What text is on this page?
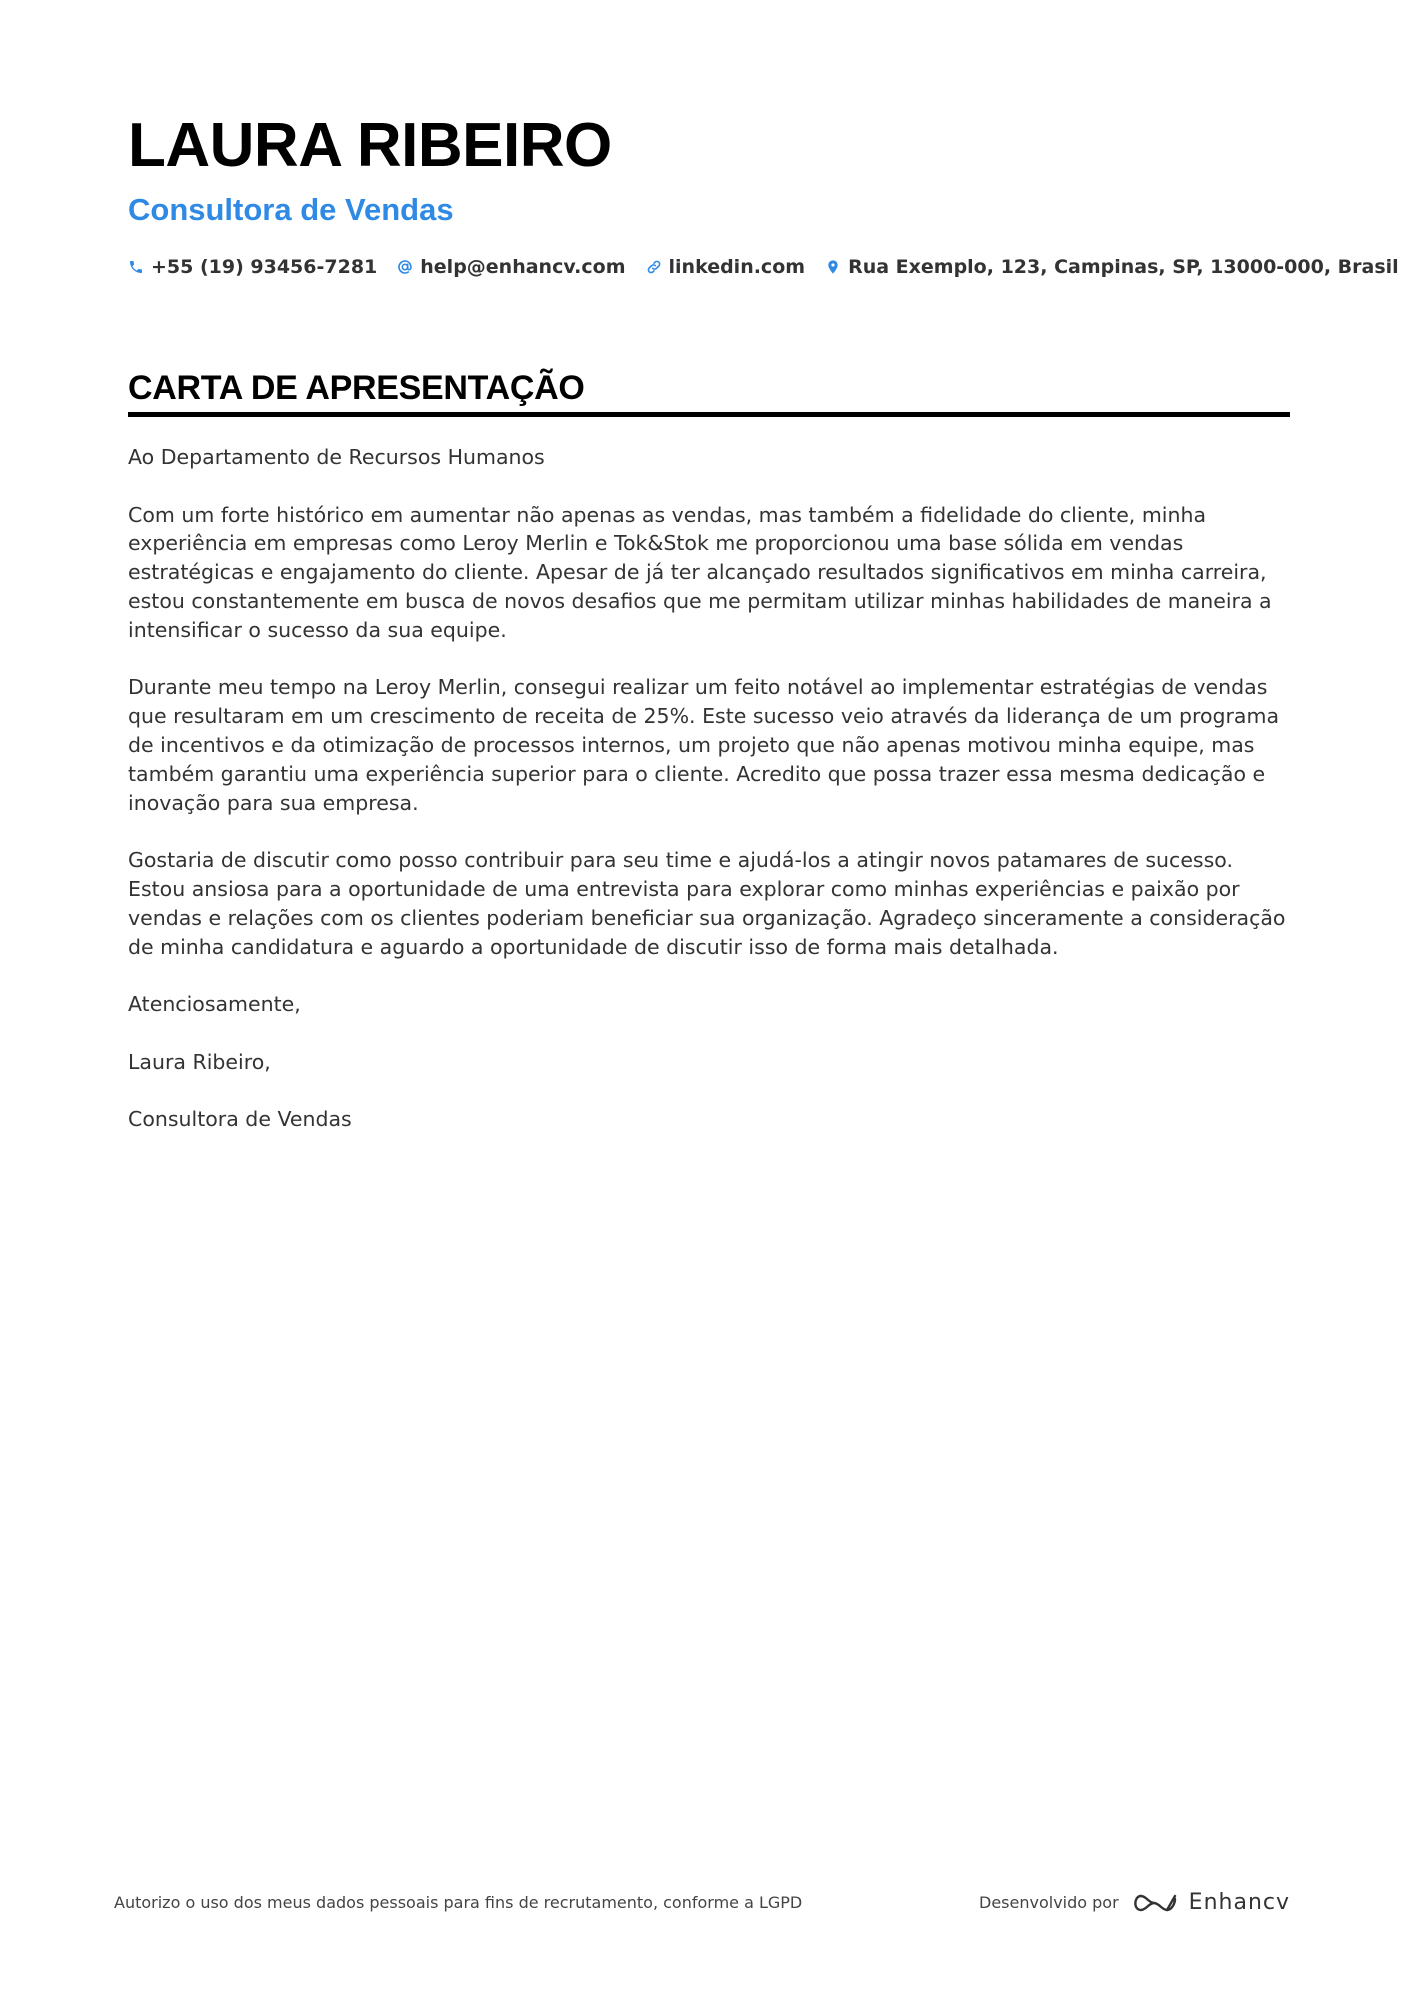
LAURA RIBEIRO
Consultora de Vendas
+55 (19) 93456-7281 help@enhancv.com linkedin.com Rua Exemplo, 123, Campinas, SP, 13000-000, Brasil
CARTA DE APRESENTAÇÃO

Ao Departamento de Recursos Humanos

Com um forte histórico em aumentar não apenas as vendas, mas também a fidelidade do cliente, minha experiência em empresas como Leroy Merlin e Tok&Stok me proporcionou uma base sólida em vendas estratégicas e engajamento do cliente. Apesar de já ter alcançado resultados significativos em minha carreira, estou constantemente em busca de novos desafios que me permitam utilizar minhas habilidades de maneira a intensificar o sucesso da sua equipe.

Durante meu tempo na Leroy Merlin, consegui realizar um feito notável ao implementar estratégias de vendas que resultaram em um crescimento de receita de 25%. Este sucesso veio através da liderança de um programa de incentivos e da otimização de processos internos, um projeto que não apenas motivou minha equipe, mas também garantiu uma experiência superior para o cliente. Acredito que possa trazer essa mesma dedicação e inovação para sua empresa.

Gostaria de discutir como posso contribuir para seu time e ajudá-los a atingir novos patamares de sucesso. Estou ansiosa para a oportunidade de uma entrevista para explorar como minhas experiências e paixão por vendas e relações com os clientes poderiam beneficiar sua organização. Agradeço sinceramente a consideração de minha candidatura e aguardo a oportunidade de discutir isso de forma mais detalhada.

Atenciosamente,

Laura Ribeiro,

Consultora de Vendas

Autorizo o uso dos meus dados pessoais para fins de recrutamento, conforme a LGPD	Desenvolvido por	Enhancv
